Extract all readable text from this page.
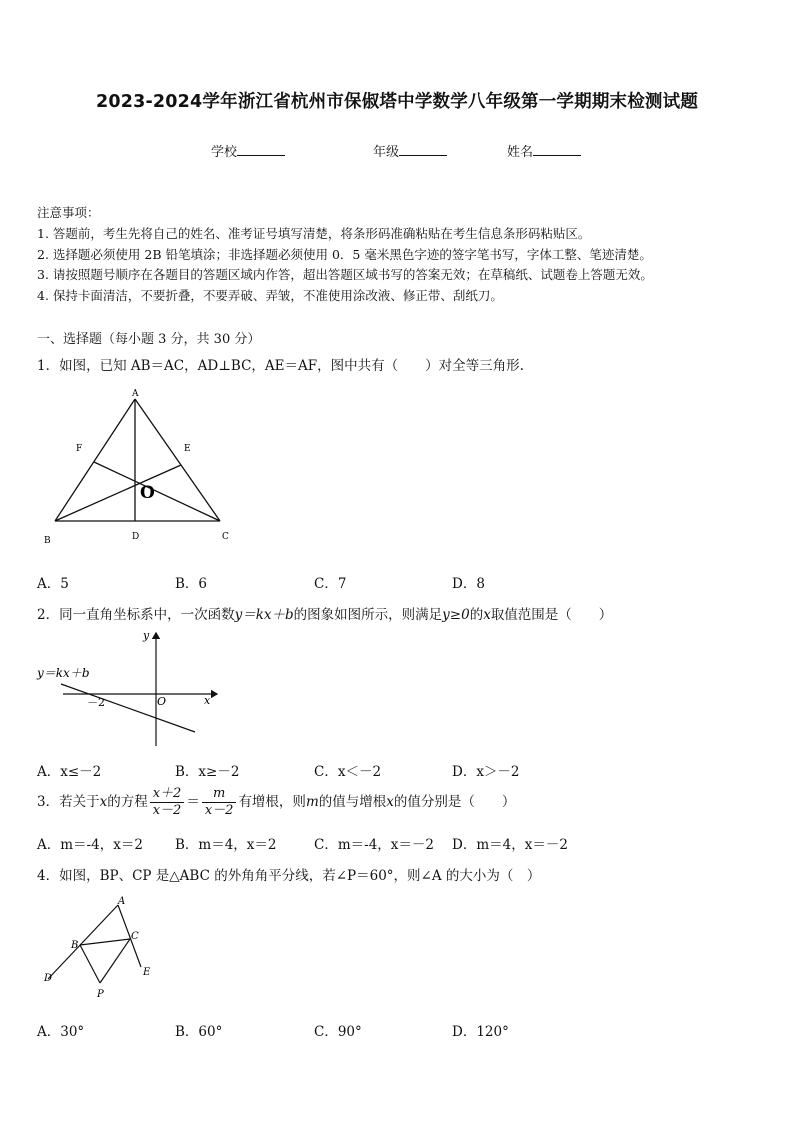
2023-2024学年浙江省杭州市保俶塔中学数学八年级第一学期期末检测试题
学校	年级	姓名
注意事项：
1. 答题前，考生先将自己的姓名、准考证号填写清楚，将条形码准确粘贴在考生信息条形码粘贴区。
2. 选择题必须使用 2B 铅笔填涂；非选择题必须使用 0．5 毫米黑色字迹的签字笔书写，字体工整、笔迹清楚。
3. 请按照题号顺序在各题目的答题区域内作答，超出答题区域书写的答案无效；在草稿纸、试题卷上答题无效。
4. 保持卡面清洁，不要折叠，不要弄破、弄皱，不准使用涂改液、修正带、刮纸刀。
一、选择题（每小题 3 分，共 30 分）
1．如图，已知 AB＝AC，AD⊥BC，AE＝AF，图中共有（　　）对全等三角形.
A
F	E
O
B	D	C
A．5	B．6	C．7	D．8
2．同一直角坐标系中，一次函数y＝kx＋b的图象如图所示，则满足y≥0的x取值范围是（　　）
y
x
O
－2
y＝kx＋b
A．x≤－2	B．x≥－2	C．x＜－2	D．x＞－2
3．若关于x的方程 $\frac{x+2}{x-2} = \frac{m}{x-2}$ 有增根，则m的值与增根x的值分别是（　　）
A．m＝-4，x＝2 B．m＝4，x＝2	C．m＝-4，x＝－2 D．m＝4，x＝－2
4．如图，BP、CP 是△ABC 的外角角平分线，若∠P＝60°，则∠A 的大小为（　）
A
B
C
D
E
P
A．30°	B．60°	C．90°	D．120°
